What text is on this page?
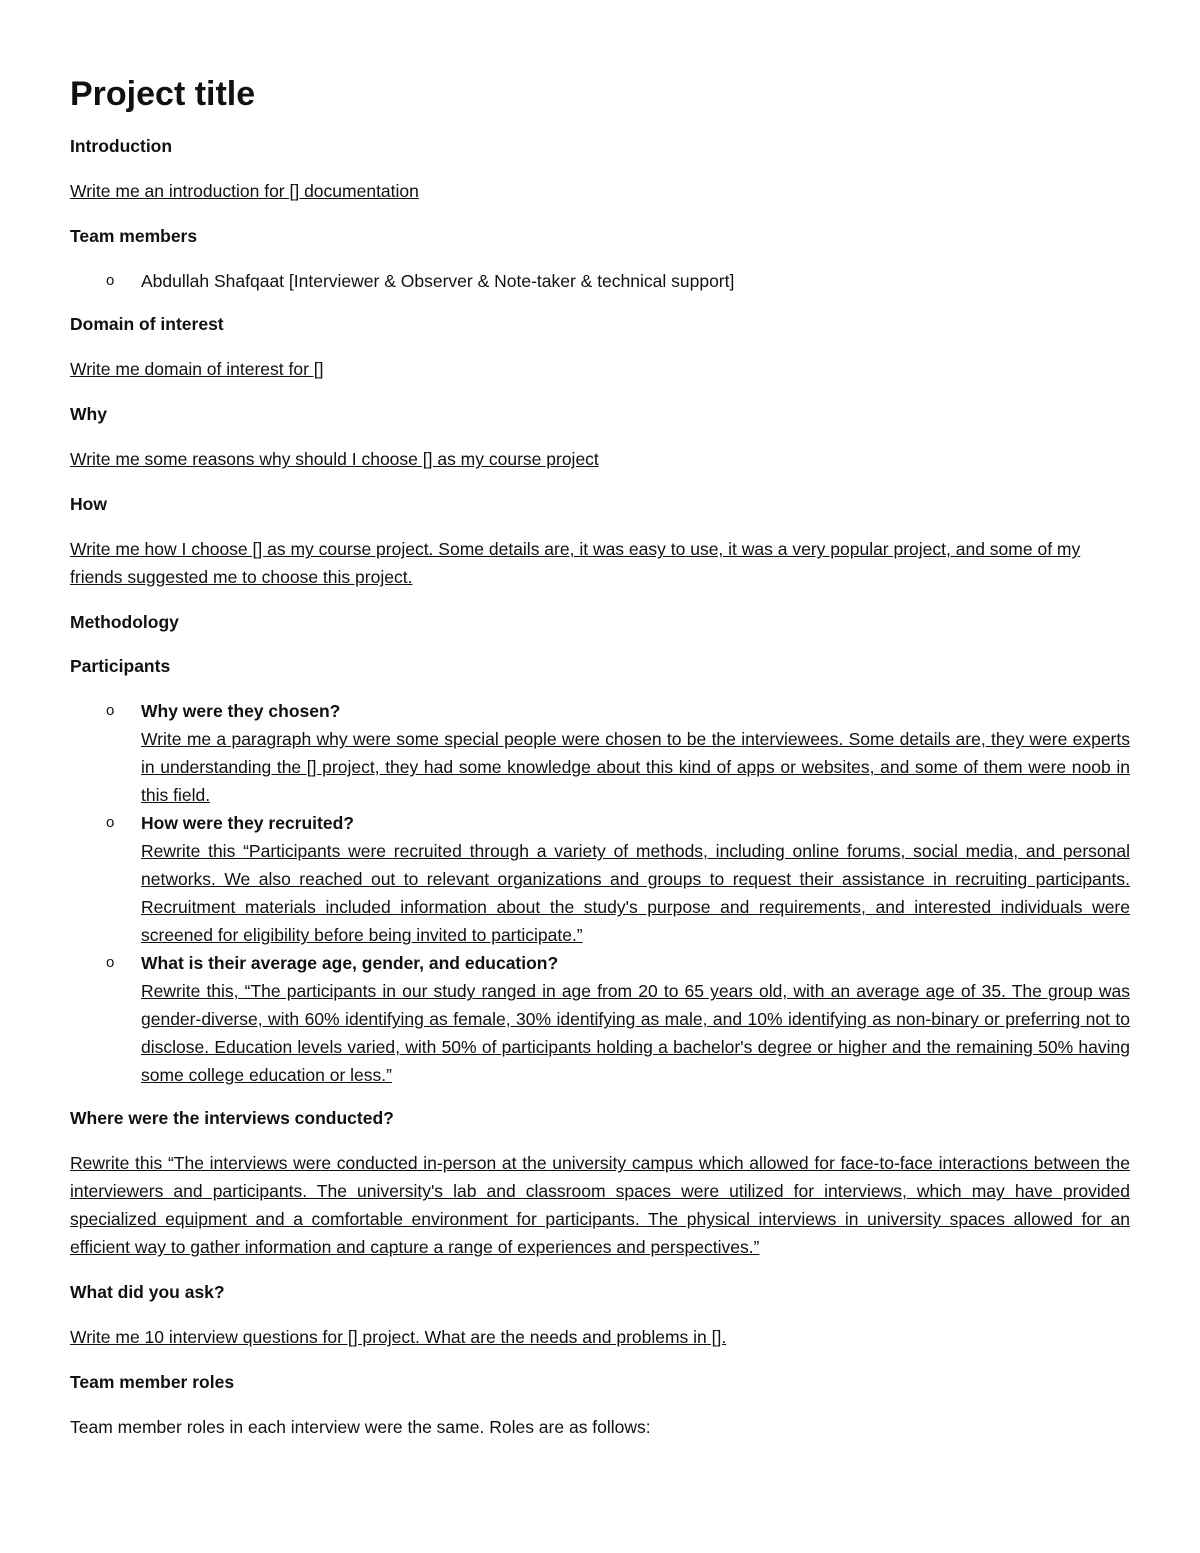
Project title
Introduction
Write me an introduction for [] documentation
Team members
o Abdullah Shafqaat [Interviewer & Observer & Note-taker & technical support]
Domain of interest
Write me domain of interest for []
Why
Write me some reasons why should I choose [] as my course project
How
Write me how I choose [] as my course project. Some details are, it was easy to use, it was a very popular project, and some of my friends suggested me to choose this project.
Methodology
Participants
o Why were they chosen?
Write me a paragraph why were some special people were chosen to be the interviewees. Some details are, they were experts in understanding the [] project, they had some knowledge about this kind of apps or websites, and some of them were noob in this field.
o How were they recruited?
Rewrite this “Participants were recruited through a variety of methods, including online forums, social media, and personal networks. We also reached out to relevant organizations and groups to request their assistance in recruiting participants. Recruitment materials included information about the study's purpose and requirements, and interested individuals were screened for eligibility before being invited to participate.”
o What is their average age, gender, and education?
Rewrite this, “The participants in our study ranged in age from 20 to 65 years old, with an average age of 35. The group was gender-diverse, with 60% identifying as female, 30% identifying as male, and 10% identifying as non-binary or preferring not to disclose. Education levels varied, with 50% of participants holding a bachelor's degree or higher and the remaining 50% having some college education or less.”
Where were the interviews conducted?
Rewrite this “The interviews were conducted in-person at the university campus which allowed for face-to-face interactions between the interviewers and participants. The university's lab and classroom spaces were utilized for interviews, which may have provided specialized equipment and a comfortable environment for participants. The physical interviews in university spaces allowed for an efficient way to gather information and capture a range of experiences and perspectives.”
What did you ask?
Write me 10 interview questions for [] project. What are the needs and problems in [].
Team member roles
Team member roles in each interview were the same. Roles are as follows:
